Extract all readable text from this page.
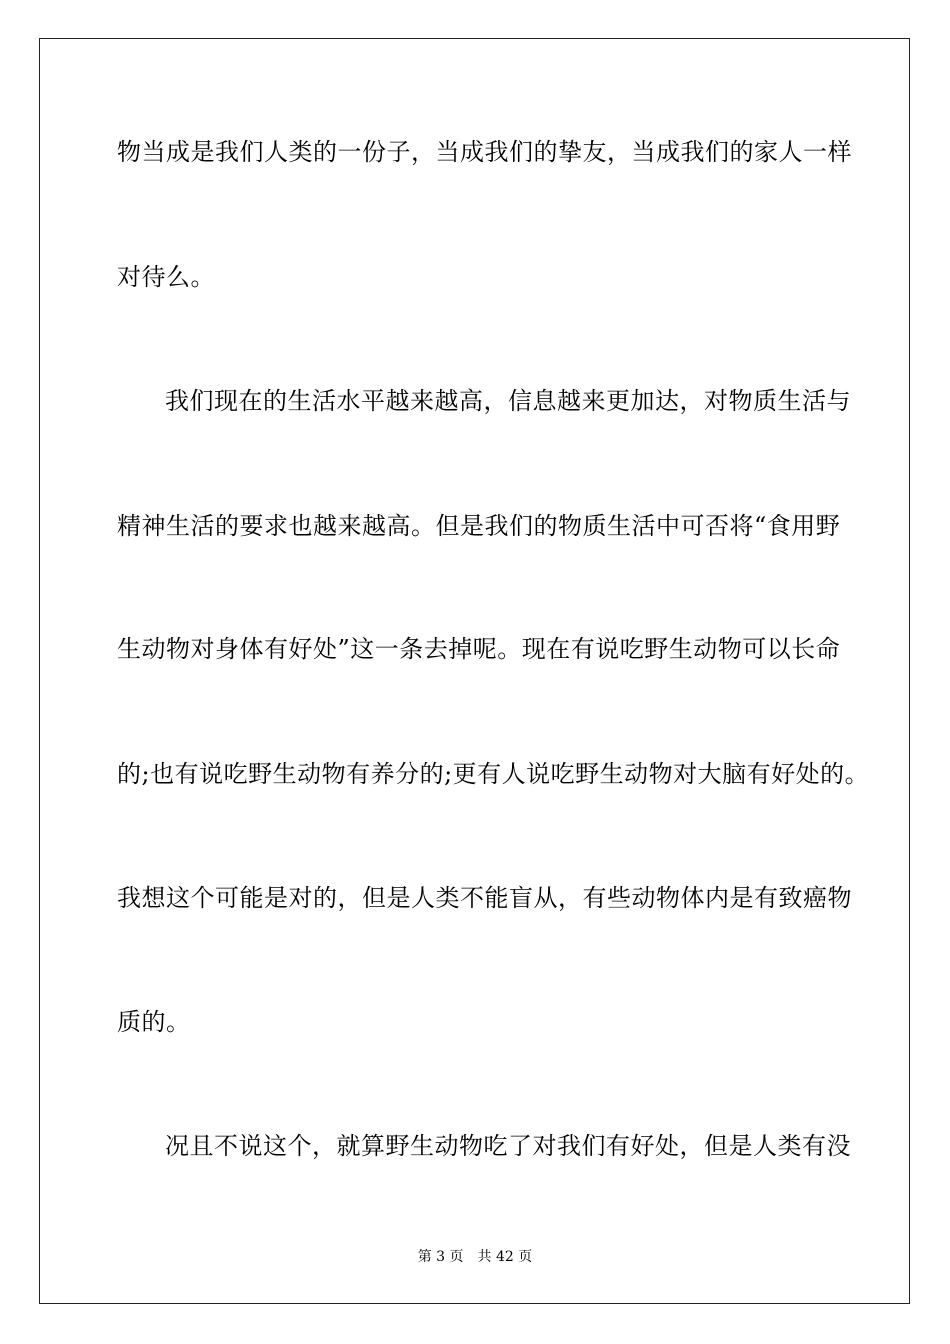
物当成是我们人类的一份子，当成我们的挚友，当成我们的家人一样
对待么。
我们现在的生活水平越来越高，信息越来更加达，对物质生活与
精神生活的要求也越来越高。但是我们的物质生活中可否将“食用野
生动物对身体有好处”这一条去掉呢。现在有说吃野生动物可以长命
的;也有说吃野生动物有养分的;更有人说吃野生动物对大脑有好处的。
我想这个可能是对的，但是人类不能盲从，有些动物体内是有致癌物
质的。
况且不说这个，就算野生动物吃了对我们有好处，但是人类有没
第 3 页 共 42 页
